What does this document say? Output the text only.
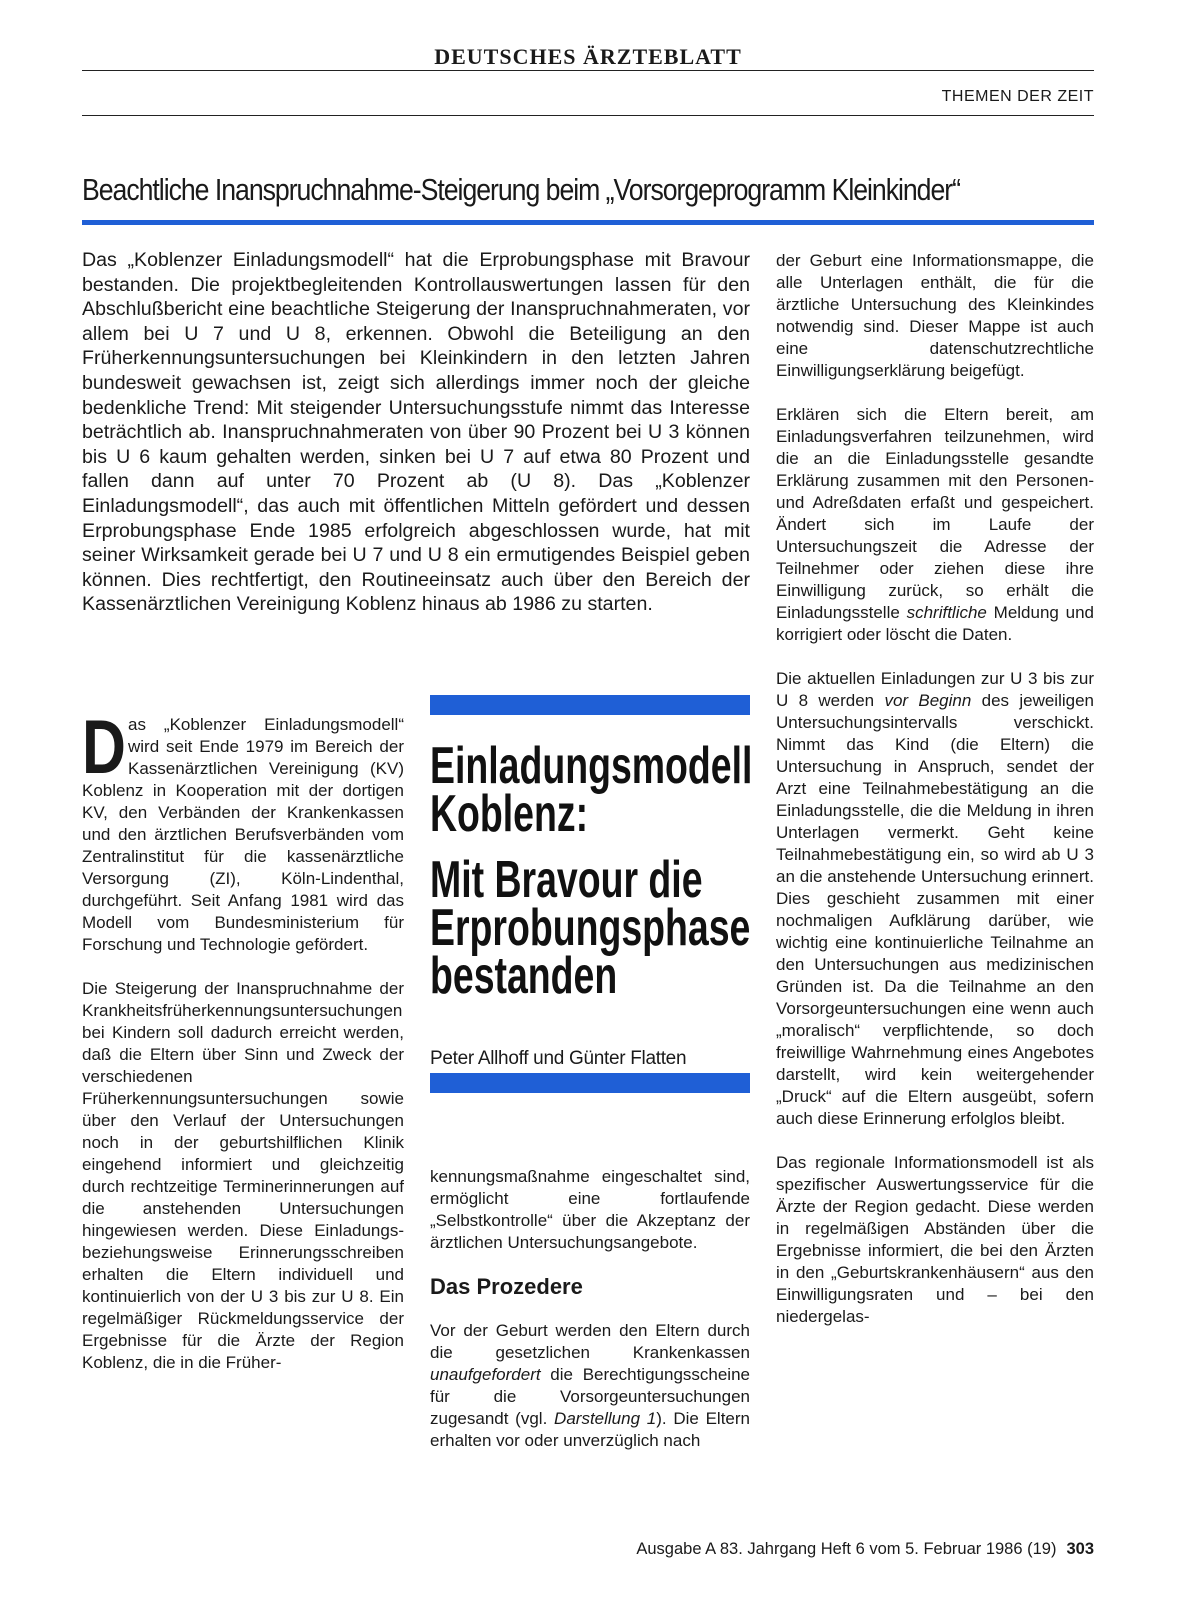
DEUTSCHES ÄRZTEBLATT
THEMEN DER ZEIT
Beachtliche Inanspruchnahme-Steigerung beim „Vorsorgeprogramm Kleinkinder“

Das „Koblenzer Einladungsmodell“ hat die Erprobungsphase mit Bravour bestanden. Die projektbegleitenden Kontrollauswertungen lassen für den Abschlußbericht eine beachtliche Steigerung der Inanspruchnahmeraten, vor allem bei U 7 und U 8, erkennen. Obwohl die Beteiligung an den Früherkennungsuntersuchungen bei Kleinkindern in den letzten Jahren bundesweit gewachsen ist, zeigt sich allerdings immer noch der gleiche bedenkliche Trend: Mit steigender Untersuchungsstufe nimmt das Interesse beträchtlich ab. Inanspruchnahmeraten von über 90 Prozent bei U 3 können bis U 6 kaum gehalten werden, sinken bei U 7 auf etwa 80 Prozent und fallen dann auf unter 70 Prozent ab (U 8). Das „Koblenzer Einladungsmodell“, das auch mit öffentlichen Mitteln gefördert und dessen Erprobungsphase Ende 1985 erfolgreich abgeschlossen wurde, hat mit seiner Wirksamkeit gerade bei U 7 und U 8 ein ermutigendes Beispiel geben können. Dies rechtfertigt, den Routineeinsatz auch über den Bereich der Kassenärztlichen Vereinigung Koblenz hinaus ab 1986 zu starten.

Das „Koblenzer Einladungsmodell“ wird seit Ende 1979 im Bereich der Kassenärztlichen Vereinigung (KV) Koblenz in Kooperation mit der dortigen KV, den Verbänden der Krankenkassen und den ärztlichen Berufsverbänden vom Zentralinstitut für die kassenärztliche Versorgung (ZI), Köln-Lindenthal, durchgeführt. Seit Anfang 1981 wird das Modell vom Bundesministerium für Forschung und Technologie gefördert.

Die Steigerung der Inanspruchnahme der Krankheitsfrüherkennungsuntersuchungen bei Kindern soll dadurch erreicht werden, daß die Eltern über Sinn und Zweck der verschiedenen Früherkennungsuntersuchungen sowie über den Verlauf der Untersuchungen noch in der geburtshilflichen Klinik eingehend informiert und gleichzeitig durch rechtzeitige Terminerinnerungen auf die anstehenden Untersuchungen hingewiesen werden. Diese Einladungs- beziehungsweise Erinnerungsschreiben erhalten die Eltern individuell und kontinuierlich von der U 3 bis zur U 8. Ein regelmäßiger Rückmeldungsservice der Ergebnisse für die Ärzte der Region Koblenz, die in die Früher-

Einladungsmodell
Koblenz:
Mit Bravour die
Erprobungsphase
bestanden
Peter Allhoff und Günter Flatten

kennungsmaßnahme eingeschaltet sind, ermöglicht eine fortlaufende „Selbstkontrolle“ über die Akzeptanz der ärztlichen Untersuchungsangebote.

Das Prozedere

Vor der Geburt werden den Eltern durch die gesetzlichen Krankenkassen unaufgefordert die Berechtigungsscheine für die Vorsorgeuntersuchungen zugesandt (vgl. Darstellung 1). Die Eltern erhalten vor oder unverzüglich nach

der Geburt eine Informationsmappe, die alle Unterlagen enthält, die für die ärztliche Untersuchung des Kleinkindes notwendig sind. Dieser Mappe ist auch eine datenschutzrechtliche Einwilligungserklärung beigefügt.

Erklären sich die Eltern bereit, am Einladungsverfahren teilzunehmen, wird die an die Einladungsstelle gesandte Erklärung zusammen mit den Personen- und Adreßdaten erfaßt und gespeichert. Ändert sich im Laufe der Untersuchungszeit die Adresse der Teilnehmer oder ziehen diese ihre Einwilligung zurück, so erhält die Einladungsstelle schriftliche Meldung und korrigiert oder löscht die Daten.

Die aktuellen Einladungen zur U 3 bis zur U 8 werden vor Beginn des jeweiligen Untersuchungsintervalls verschickt. Nimmt das Kind (die Eltern) die Untersuchung in Anspruch, sendet der Arzt eine Teilnahmebestätigung an die Einladungsstelle, die die Meldung in ihren Unterlagen vermerkt. Geht keine Teilnahmebestätigung ein, so wird ab U 3 an die anstehende Untersuchung erinnert. Dies geschieht zusammen mit einer nochmaligen Aufklärung darüber, wie wichtig eine kontinuierliche Teilnahme an den Untersuchungen aus medizinischen Gründen ist. Da die Teilnahme an den Vorsorgeuntersuchungen eine wenn auch „moralisch“ verpflichtende, so doch freiwillige Wahrnehmung eines Angebotes darstellt, wird kein weitergehender „Druck“ auf die Eltern ausgeübt, sofern auch diese Erinnerung erfolglos bleibt.

Das regionale Informationsmodell ist als spezifischer Auswertungsservice für die Ärzte der Region gedacht. Diese werden in regelmäßigen Abständen über die Ergebnisse informiert, die bei den Ärzten in den „Geburtskrankenhäusern“ aus den Einwilligungsraten und – bei den niedergelas-

Ausgabe A 83. Jahrgang Heft 6 vom 5. Februar 1986 (19) 303
